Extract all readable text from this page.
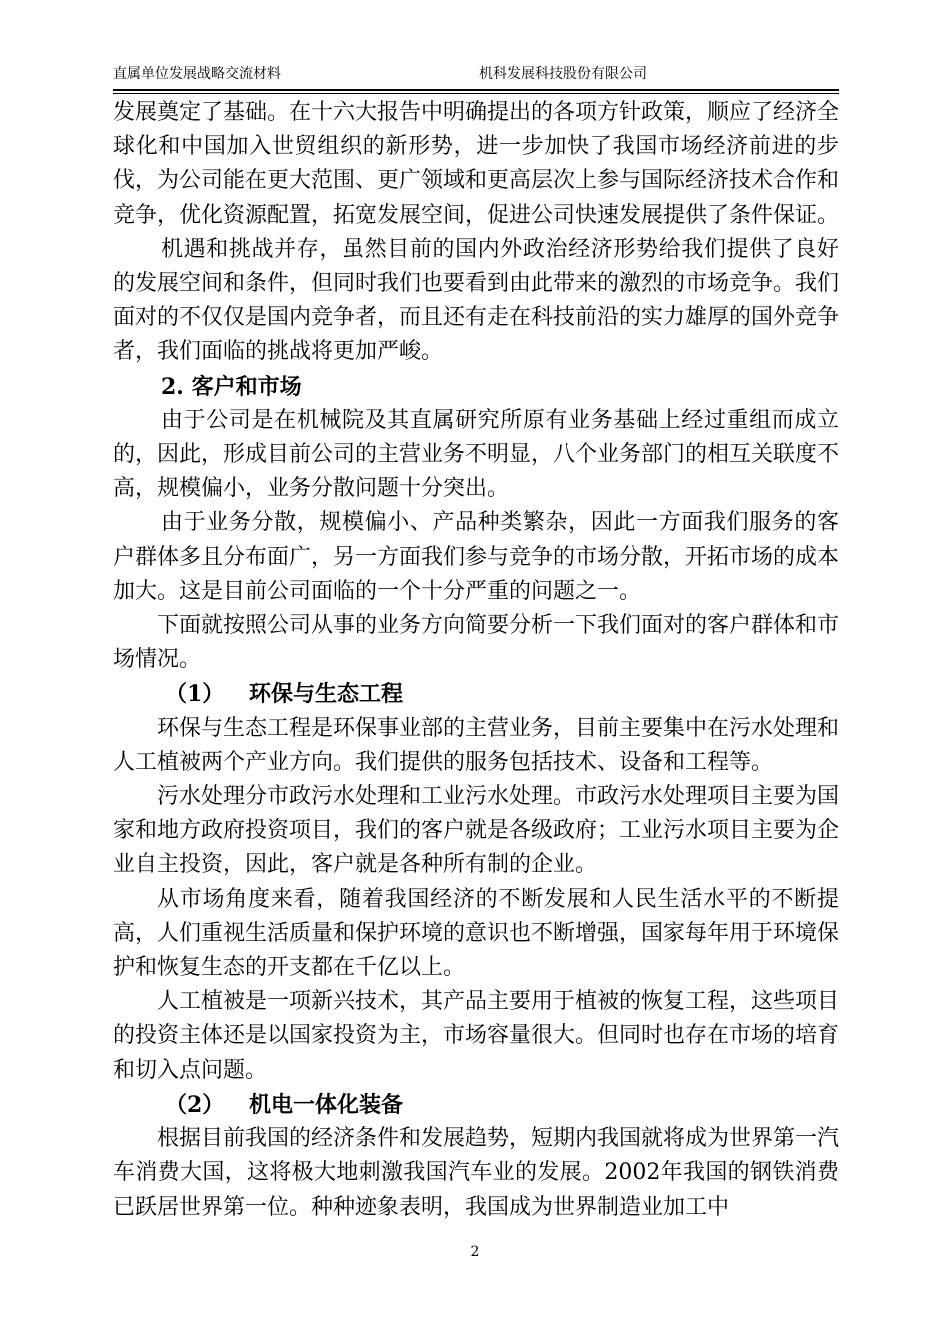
直属单位发展战略交流材料	机科发展科技股份有限公司

发展奠定了基础。在十六大报告中明确提出的各项方针政策，顺应了经济全球化和中国加入世贸组织的新形势，进一步加快了我国市场经济前进的步伐，为公司能在更大范围、更广领域和更高层次上参与国际经济技术合作和竞争，优化资源配置，拓宽发展空间，促进公司快速发展提供了条件保证。

机遇和挑战并存，虽然目前的国内外政治经济形势给我们提供了良好的发展空间和条件，但同时我们也要看到由此带来的激烈的市场竞争。我们面对的不仅仅是国内竞争者，而且还有走在科技前沿的实力雄厚的国外竞争者，我们面临的挑战将更加严峻。

2. 客户和市场

由于公司是在机械院及其直属研究所原有业务基础上经过重组而成立的，因此，形成目前公司的主营业务不明显，八个业务部门的相互关联度不高，规模偏小，业务分散问题十分突出。

由于业务分散，规模偏小、产品种类繁杂，因此一方面我们服务的客户群体多且分布面广，另一方面我们参与竞争的市场分散，开拓市场的成本加大。这是目前公司面临的一个十分严重的问题之一。

下面就按照公司从事的业务方向简要分析一下我们面对的客户群体和市场情况。

（1） 环保与生态工程

环保与生态工程是环保事业部的主营业务，目前主要集中在污水处理和人工植被两个产业方向。我们提供的服务包括技术、设备和工程等。

污水处理分市政污水处理和工业污水处理。市政污水处理项目主要为国家和地方政府投资项目，我们的客户就是各级政府；工业污水项目主要为企业自主投资，因此，客户就是各种所有制的企业。

从市场角度来看，随着我国经济的不断发展和人民生活水平的不断提高，人们重视生活质量和保护环境的意识也不断增强，国家每年用于环境保护和恢复生态的开支都在千亿以上。

人工植被是一项新兴技术，其产品主要用于植被的恢复工程，这些项目的投资主体还是以国家投资为主，市场容量很大。但同时也存在市场的培育和切入点问题。

（2） 机电一体化装备

根据目前我国的经济条件和发展趋势，短期内我国就将成为世界第一汽车消费大国，这将极大地刺激我国汽车业的发展。2002年我国的钢铁消费已跃居世界第一位。种种迹象表明，我国成为世界制造业加工中

2
